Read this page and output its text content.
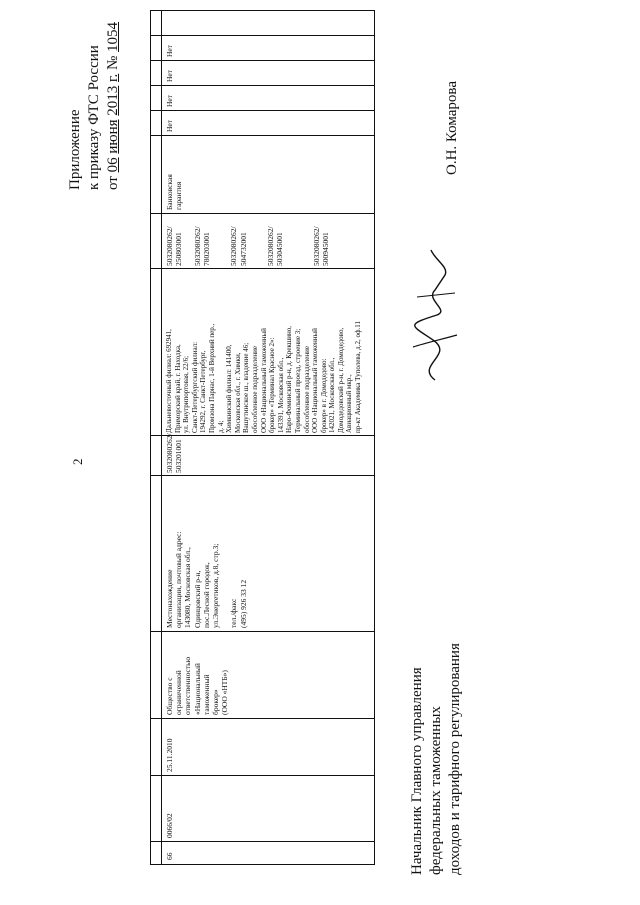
2
Приложение к приказу ФТС России от 06 июня 2013 г. № 1054
66
0066/02
25.11.2010
Общество с
ограниченной
ответственностью
«Национальный
таможенный
брокер»
(ООО «НТБ»)
Местонахождение
организации, почтовый адрес:
143080, Московская обл.,
Одинцовский р-н,
пос.Лесной городок,
ул.Энергетиков, д.8, стр.3;

тел./факс
(495) 926 33 12
5032080262/
503201001
Дальневосточный филиал: 692941,
Приморский край, г. Находка,
ул. Внутрипортовая, 22/6;
Санкт-Петербургский филиал:
194292, г. Санкт-Петербург,
Промзона Парнас, 1-й Верхний пер.,
д. 4;
Химкинский филиал: 141400,
Московская обл., г. Химки,
Вашутинское ш., владение 46;
обособленное подразделение
ООО «Национальный таможенный
брокер» «Терминал Красное 2»:
143391, Московская обл.,
Наро-Фоминский р-н, д. Крекшино,
Терминальный проезд, строение 3;
обособленное подразделение
ООО «Национальный таможенный
брокер» в г. Домодедово:
142021, Московская обл.,
Домодедовский р-н, г. Домодедово,
Авиационный мкр.,
пр-кт Академика Туполева, д.2, оф.11
5032080262/
250803001

5032080262/
780203001

5032080262/
504732001

5032080262/
503045001

5032080262/
500945001
Банковская
гарантия
Нет
Нет
Нет
Нет
Начальник Главного управления федеральных таможенных доходов и тарифного регулирования
О.Н. Комарова
